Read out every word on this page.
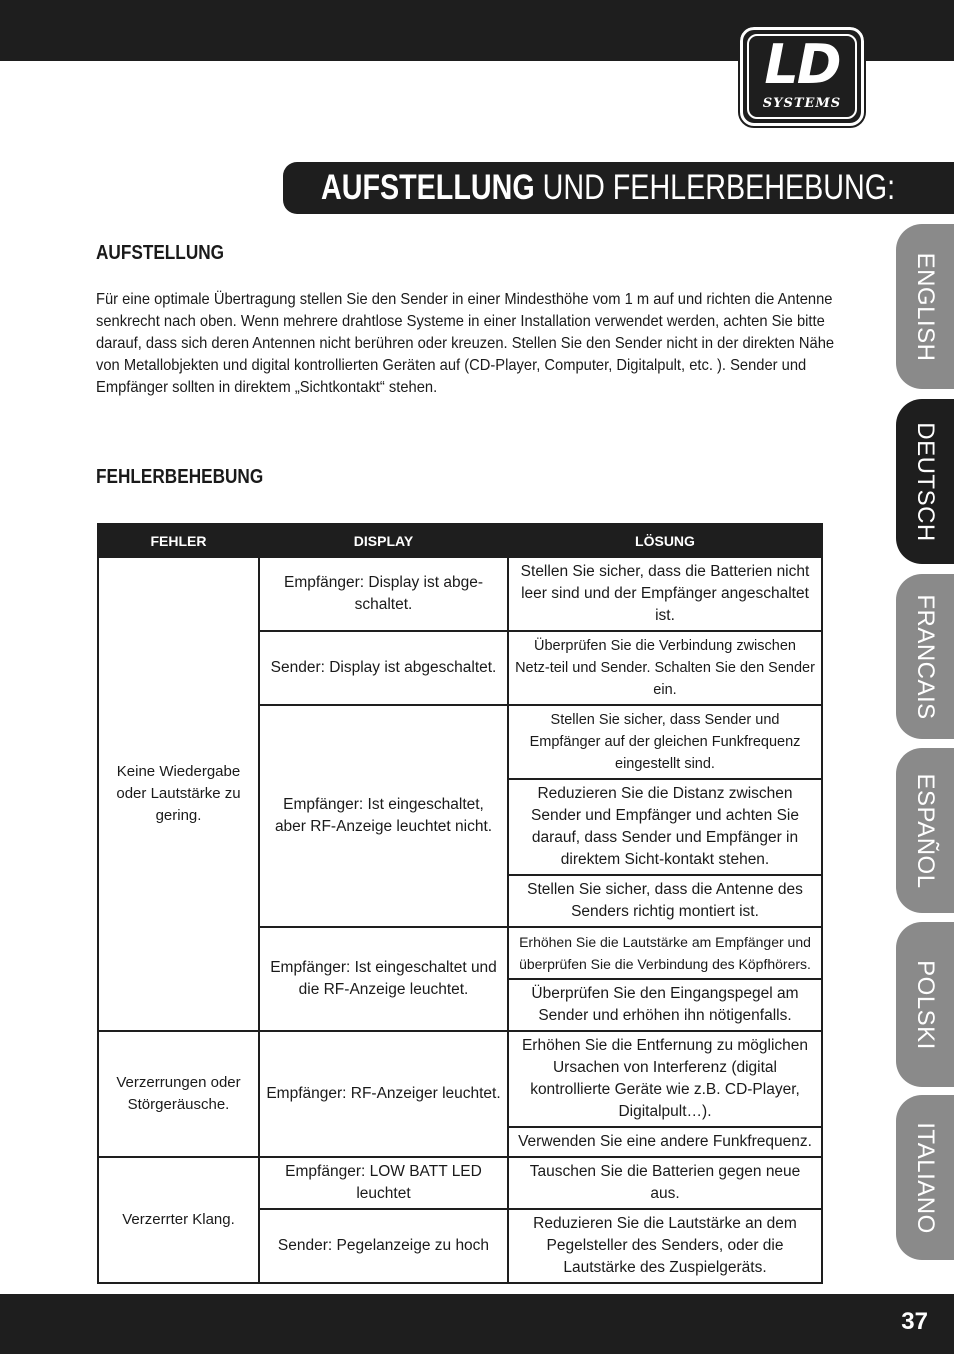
LD
SYSTEMS
AUFSTELLUNG UND FEHLERBEHEBUNG:
AUFSTELLUNG
Für eine optimale Übertragung stellen Sie den Sender in einer Mindesthöhe vom 1 m auf und richten die Antenne
senkrecht nach oben. Wenn mehrere drahtlose Systeme in einer Installation verwendet werden, achten Sie bitte
darauf, dass sich deren Antennen nicht berühren oder kreuzen. Stellen Sie den Sender nicht in der direkten Nähe
von Metallobjekten und digital kontrollierten Geräten auf (CD-Player, Computer, Digitalpult, etc. ). Sender und
Empfänger sollten in direktem „Sichtkontakt“ stehen.
FEHLERBEHEBUNG
FEHLER	DISPLAY	LÖSUNG
Keine Wiedergabe oder Lautstärke zu gering.	Empfänger: Display ist abge-schaltet.	Stellen Sie sicher, dass die Batterien nicht leer sind und der Empfänger angeschaltet ist.
	Sender: Display ist abgeschaltet.	Überprüfen Sie die Verbindung zwischen Netz-teil und Sender. Schalten Sie den Sender ein.
	Empfänger: Ist eingeschaltet, aber RF-Anzeige leuchtet nicht.	Stellen Sie sicher, dass Sender und Empfänger auf der gleichen Funkfrequenz eingestellt sind.
		Reduzieren Sie die Distanz zwischen Sender und Empfänger und achten Sie darauf, dass Sender und Empfänger in direktem Sicht-kontakt stehen.
		Stellen Sie sicher, dass die Antenne des Senders richtig montiert ist.
	Empfänger: Ist eingeschaltet und die RF-Anzeige leuchtet.	Erhöhen Sie die Lautstärke am Empfänger und überprüfen Sie die Verbindung des Köpfhörers.
		Überprüfen Sie den Eingangspegel am Sender und erhöhen ihn nötigenfalls.

Verzerrungen oder Störgeräusche.	Empfänger: RF-Anzeiger leuchtet.	Erhöhen Sie die Entfernung zu möglichen Ursachen von Interferenz (digital kontrollierte Geräte wie z.B. CD-Player, Digitalpult…).
		Verwenden Sie eine andere Funkfrequenz.
Verzerrter Klang.	Empfänger: LOW BATT LED leuchtet	Tauschen Sie die Batterien gegen neue aus.
	Sender: Pegelanzeige zu hoch	Reduzieren Sie die Lautstärke an dem Pegelsteller des Senders, oder die Lautstärke des Zuspielgeräts.
ENGLISH
DEUTSCH
FRANCAIS
ESPAÑOL
POLSKI
ITALIANO
37
